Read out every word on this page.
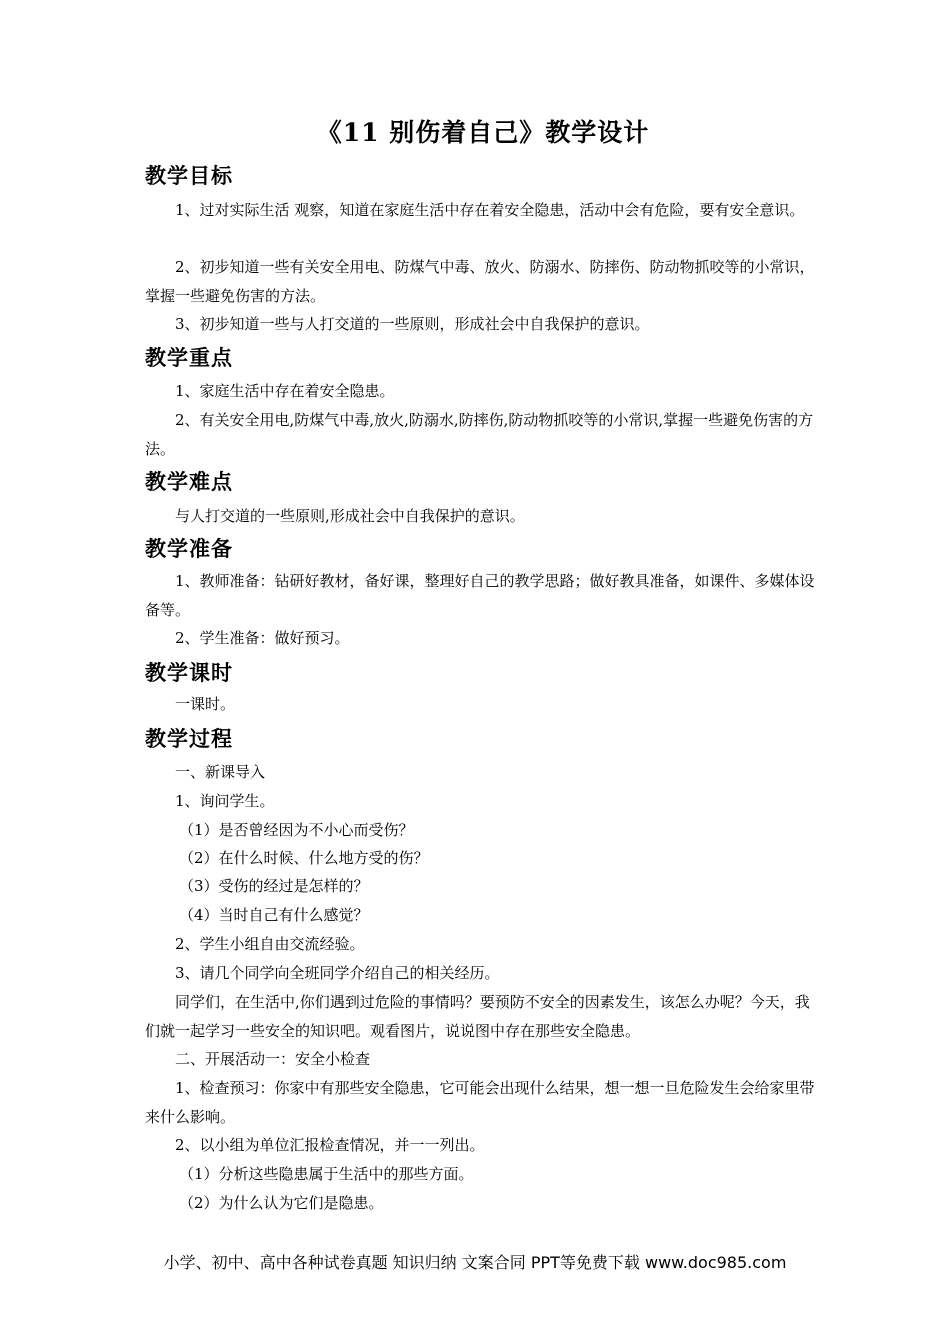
《11 别伤着自己》教学设计
教学目标
1、过对实际生活 观察，知道在家庭生活中存在着安全隐患，活动中会有危险，要有安全意识。
2、初步知道一些有关安全用电、防煤气中毒、放火、防溺水、防摔伤、防动物抓咬等的小常识，掌握一些避免伤害的方法。
3、初步知道一些与人打交道的一些原则，形成社会中自我保护的意识。
教学重点
1、家庭生活中存在着安全隐患。
2、有关安全用电,防煤气中毒,放火,防溺水,防摔伤,防动物抓咬等的小常识,掌握一些避免伤害的方法。
教学难点
与人打交道的一些原则,形成社会中自我保护的意识。
教学准备
1、教师准备：钻研好教材，备好课，整理好自己的教学思路；做好教具准备，如课件、多媒体设备等。
2、学生准备：做好预习。
教学课时
一课时。
教学过程
一、新课导入
1、询问学生。
（1）是否曾经因为不小心而受伤？
（2）在什么时候、什么地方受的伤？
（3）受伤的经过是怎样的？
（4）当时自己有什么感觉？
2、学生小组自由交流经验。
3、请几个同学向全班同学介绍自己的相关经历。
同学们，在生活中,你们遇到过危险的事情吗？要预防不安全的因素发生，该怎么办呢？今天，我们就一起学习一些安全的知识吧。观看图片，说说图中存在那些安全隐患。
二、开展活动一：安全小检查
1、检查预习：你家中有那些安全隐患，它可能会出现什么结果，想一想一旦危险发生会给家里带来什么影响。
2、以小组为单位汇报检查情况，并一一列出。
（1）分析这些隐患属于生活中的那些方面。
（2）为什么认为它们是隐患。
小学、初中、高中各种试卷真题 知识归纳 文案合同 PPT等免费下载 www.doc985.com
